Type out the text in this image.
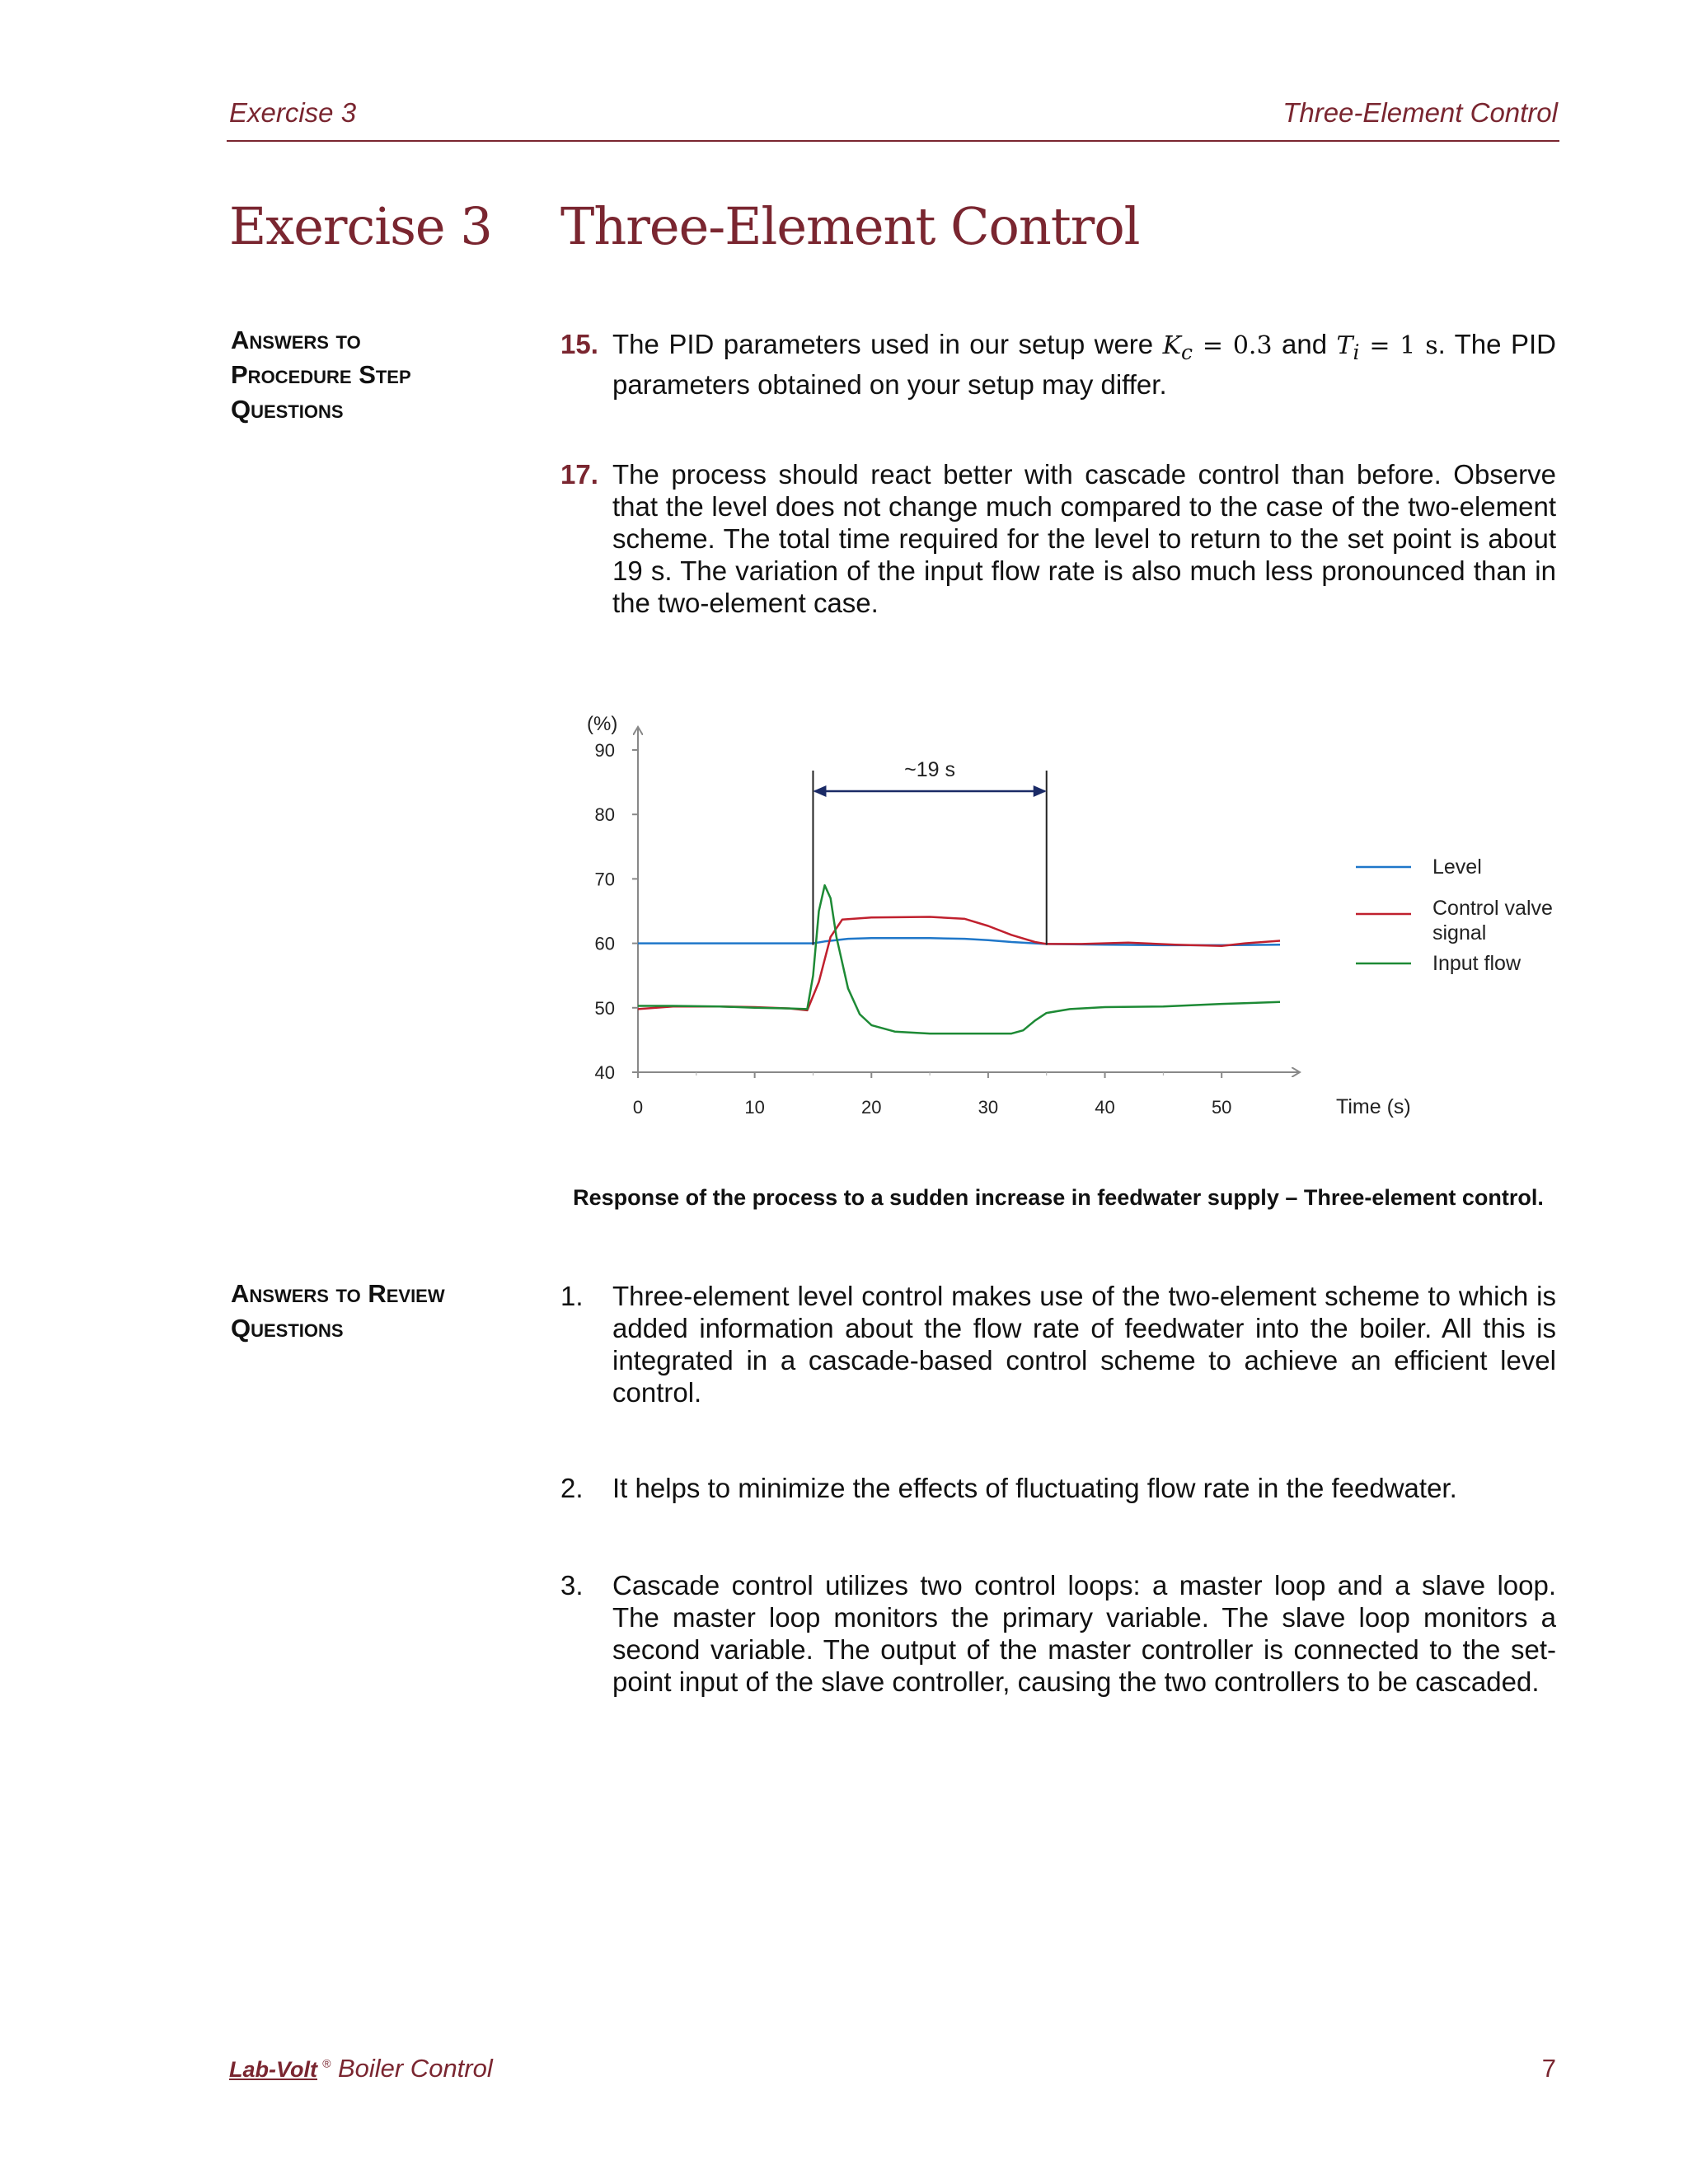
Exercise 3	Three-Element Control
Exercise 3 Three-Element Control
Answers to
Procedure Step
Questions
15. The PID parameters used in our setup were $K_c = 0.3$ and $T_i = 1$ s. The PID parameters obtained on your setup may differ.
17. The process should react better with cascade control than before. Observe that the level does not change much compared to the case of the two-element scheme. The total time required for the level to return to the set point is about 19 s. The variation of the input flow rate is also much less pronounced than in the two-element case.
40
50
60
70
80
90
0	10	20	30	40	50
(%)
Time (s)
~19 s
Level
Control valve signal
Input flow
Response of the process to a sudden increase in feedwater supply – Three-element control.
Answers to Review
Questions
1. Three-element level control makes use of the two-element scheme to which is added information about the flow rate of feedwater into the boiler. All this is integrated in a cascade-based control scheme to achieve an efficient level control.
2. It helps to minimize the effects of fluctuating flow rate in the feedwater.
3. Cascade control utilizes two control loops: a master loop and a slave loop. The master loop monitors the primary variable. The slave loop monitors a second variable. The output of the master controller is connected to the set-point input of the slave controller, causing the two controllers to be cascaded.
Lab-Volt ® Boiler Control	7
